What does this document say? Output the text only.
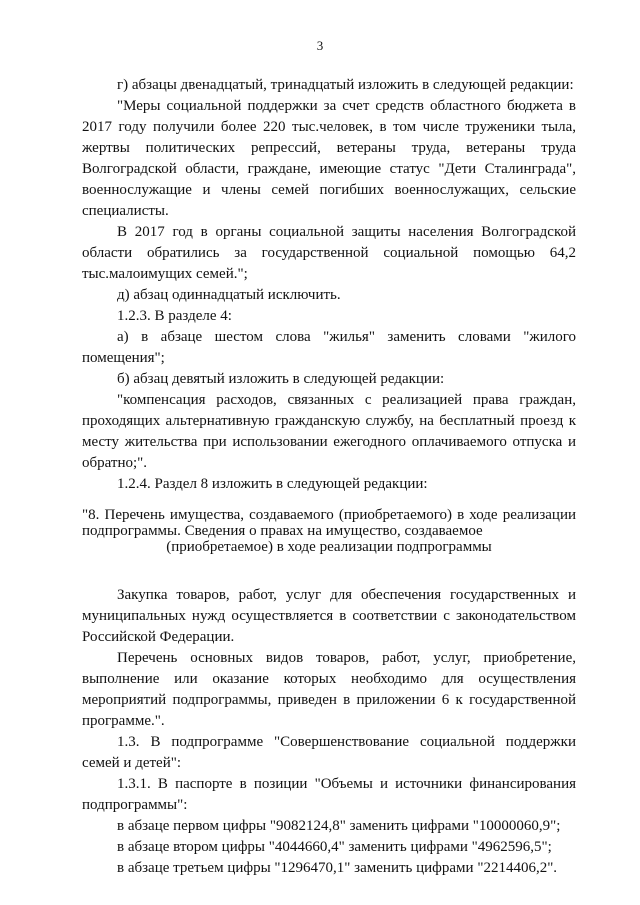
3

г) абзацы двенадцатый, тринадцатый изложить в следующей редакции:

"Меры социальной поддержки за счет средств областного бюджета в 2017 году получили более 220 тыс.человек, в том числе труженики тыла, жертвы политических репрессий, ветераны труда, ветераны труда Волгоградской области, граждане, имеющие статус "Дети Сталинграда", военнослужащие и члены семей погибших военнослужащих, сельские специалисты.

В 2017 год в органы социальной защиты населения Волгоградской области обратились за государственной социальной помощью 64,2 тыс.малоимущих семей.";

д) абзац одиннадцатый исключить.

1.2.3. В разделе 4:

а) в абзаце шестом слова "жилья" заменить словами "жилого помещения";

б) абзац девятый изложить в следующей редакции:

"компенсация расходов, связанных с реализацией права граждан, проходящих альтернативную гражданскую службу, на бесплатный проезд к месту жительства при использовании ежегодного оплачиваемого отпуска и обратно;".

1.2.4. Раздел 8 изложить в следующей редакции:

"8. Перечень имущества, создаваемого (приобретаемого) в ходе реализации подпрограммы. Сведения о правах на имущество, создаваемое
(приобретаемое) в ходе реализации подпрограммы

Закупка товаров, работ, услуг для обеспечения государственных и муниципальных нужд осуществляется в соответствии с законодательством Российской Федерации.

Перечень основных видов товаров, работ, услуг, приобретение, выполнение или оказание которых необходимо для осуществления мероприятий подпрограммы, приведен в приложении 6 к государственной программе.".

1.3. В подпрограмме "Совершенствование социальной поддержки семей и детей":

1.3.1. В паспорте в позиции "Объемы и источники финансирования подпрограммы":

в абзаце первом цифры "9082124,8" заменить цифрами "10000060,9";

в абзаце втором цифры "4044660,4" заменить цифрами "4962596,5";

в абзаце третьем цифры "1296470,1" заменить цифрами "2214406,2".
